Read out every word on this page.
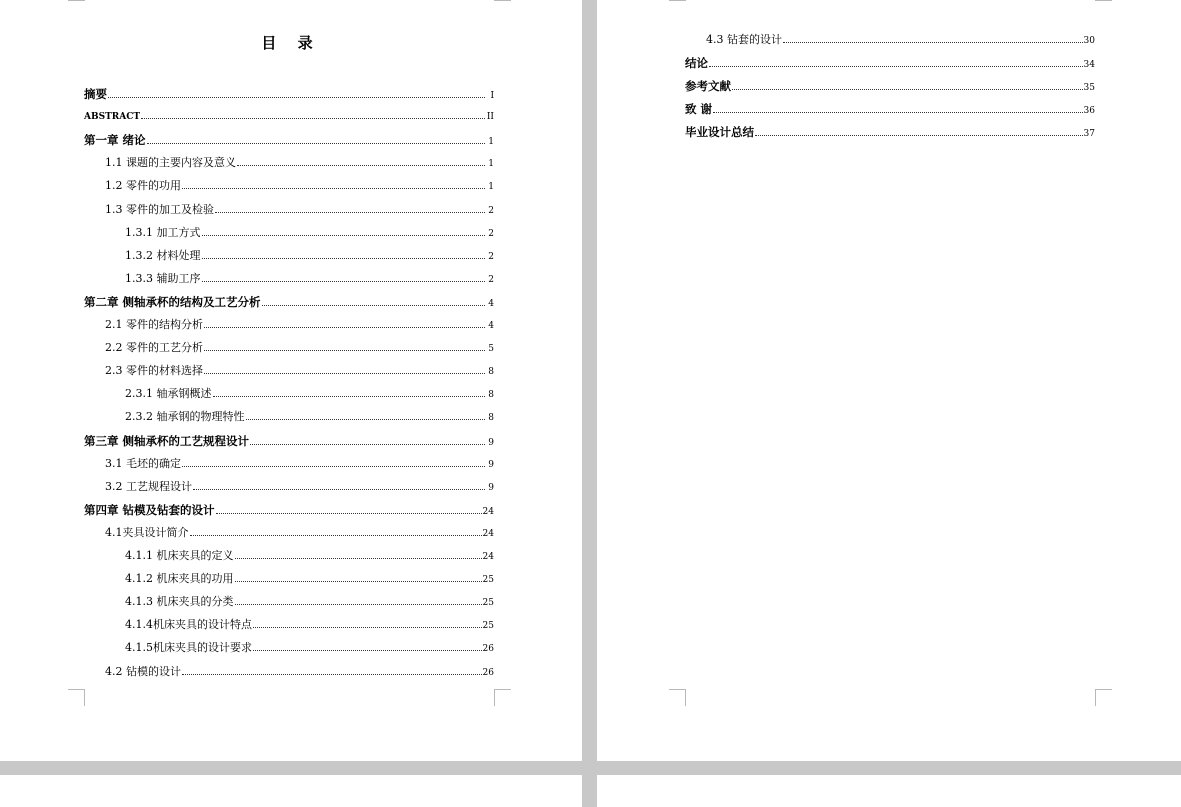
目 录
摘要	I
ABSTRACT	II
第一章 绪论	1
1.1 课题的主要内容及意义	1
1.2 零件的功用	1
1.3 零件的加工及检验	2
1.3.1 加工方式	2
1.3.2 材料处理	2
1.3.3 辅助工序	2
第二章 侧轴承杯的结构及工艺分析	4
2.1 零件的结构分析	4
2.2 零件的工艺分析	5
2.3 零件的材料选择	8
2.3.1 轴承钢概述	8
2.3.2 轴承钢的物理特性	8
第三章 侧轴承杯的工艺规程设计	9
3.1 毛坯的确定	9
3.2 工艺规程设计	9
第四章 钻模及钻套的设计	24
4.1夹具设计简介	24
4.1.1 机床夹具的定义	24
4.1.2 机床夹具的功用	25
4.1.3 机床夹具的分类	25
4.1.4机床夹具的设计特点	25
4.1.5机床夹具的设计要求	26
4.2 钻模的设计	26
4.3 钻套的设计	30
结论	34
参考文献	35
致 谢	36
毕业设计总结	37
